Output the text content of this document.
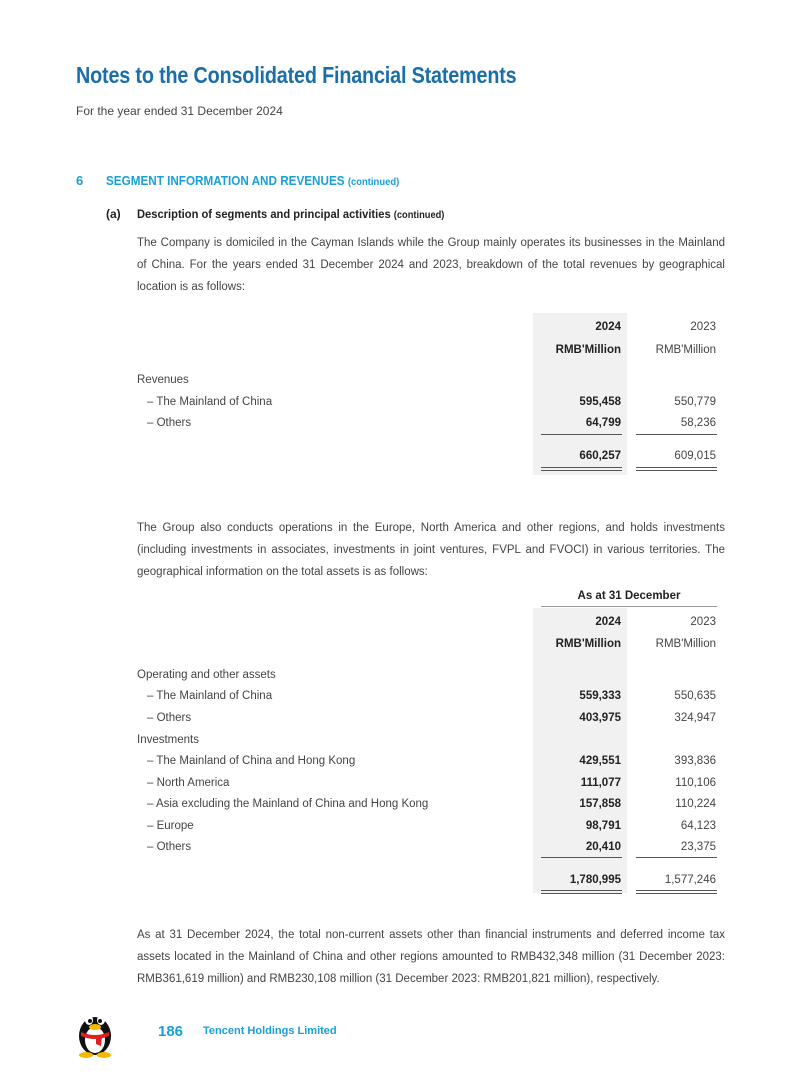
Notes to the Consolidated Financial Statements
For the year ended 31 December 2024
6 SEGMENT INFORMATION AND REVENUES (continued)
(a) Description of segments and principal activities (continued)
The Company is domiciled in the Cayman Islands while the Group mainly operates its businesses in the Mainland of China. For the years ended 31 December 2024 and 2023, breakdown of the total revenues by geographical location is as follows:
2024	2023
RMB'Million	RMB'Million
Revenues
– The Mainland of China	595,458	550,779
– Others	64,799	58,236
660,257	609,015
The Group also conducts operations in the Europe, North America and other regions, and holds investments (including investments in associates, investments in joint ventures, FVPL and FVOCI) in various territories. The geographical information on the total assets is as follows:
As at 31 December
2024	2023
RMB'Million	RMB'Million
Operating and other assets
– The Mainland of China	559,333	550,635
– Others	403,975	324,947
Investments
– The Mainland of China and Hong Kong	429,551	393,836
– North America	111,077	110,106
– Asia excluding the Mainland of China and Hong Kong	157,858	110,224
– Europe	98,791	64,123
– Others	20,410	23,375
1,780,995	1,577,246
As at 31 December 2024, the total non-current assets other than financial instruments and deferred income tax assets located in the Mainland of China and other regions amounted to RMB432,348 million (31 December 2023: RMB361,619 million) and RMB230,108 million (31 December 2023: RMB201,821 million), respectively.
186 Tencent Holdings Limited
